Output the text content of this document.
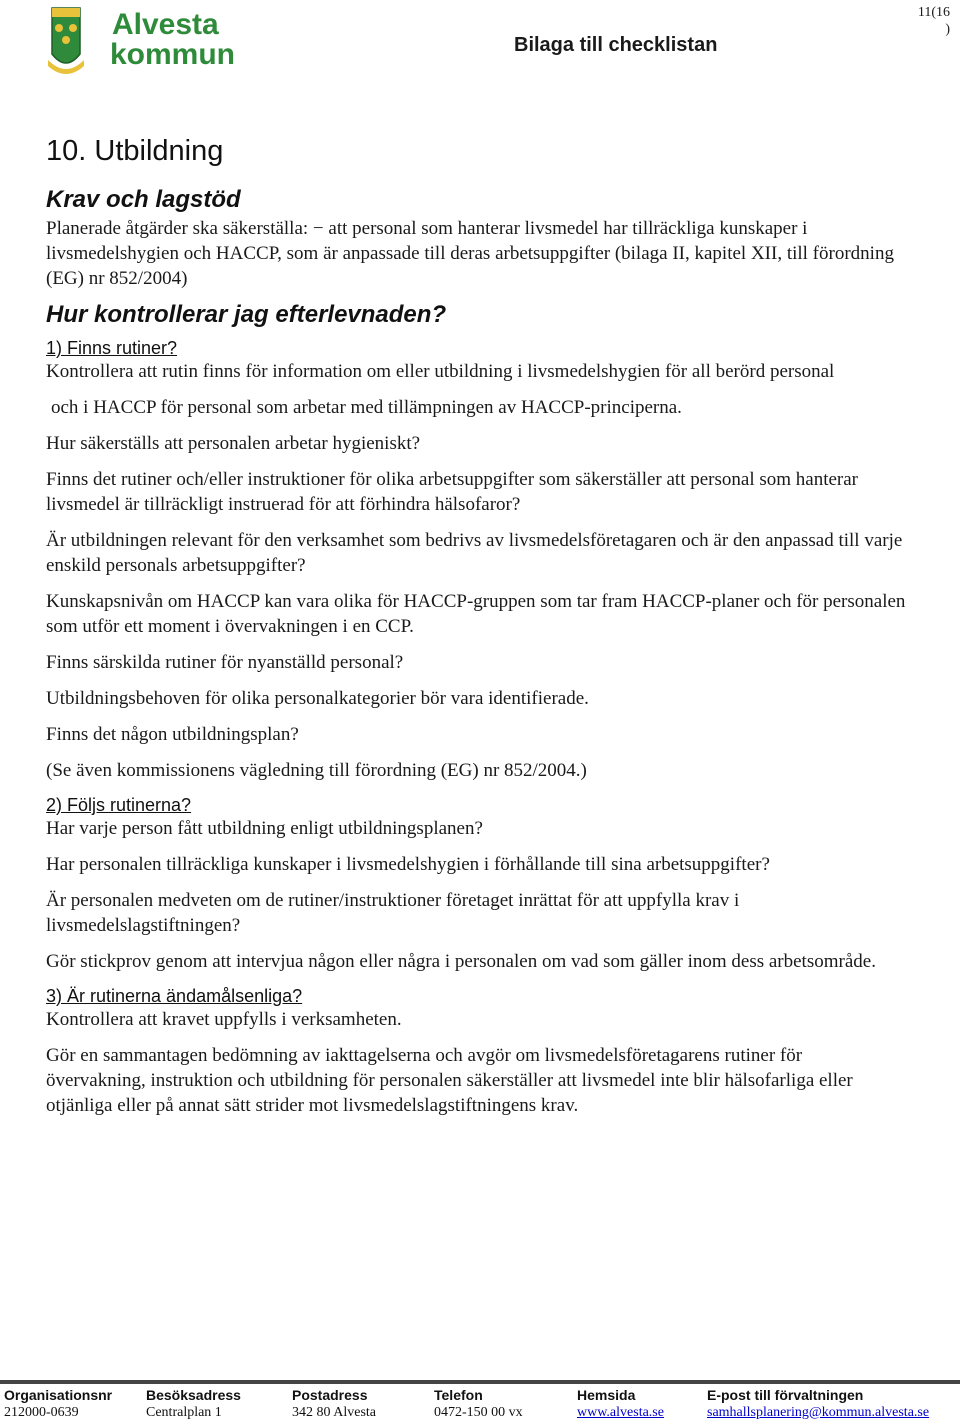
Alvesta
kommun	Bilaga till checklistan
11(16
)
10. Utbildning
Krav och lagstöd

Planerade åtgärder ska säkerställa: − att personal som hanterar livsmedel har tillräckliga kunskaper i livsmedelshygien och HACCP, som är anpassade till deras arbetsuppgifter (bilaga II, kapitel XII, till förordning (EG) nr 852/2004)

Hur kontrollerar jag efterlevnaden?
1) Finns rutiner?

Kontrollera att rutin finns för information om eller utbildning i livsmedelshygien för all berörd personal

och i HACCP för personal som arbetar med tillämpningen av HACCP-principerna.

Hur säkerställs att personalen arbetar hygieniskt?

Finns det rutiner och/eller instruktioner för olika arbetsuppgifter som säkerställer att personal som hanterar livsmedel är tillräckligt instruerad för att förhindra hälsofaror?

Är utbildningen relevant för den verksamhet som bedrivs av livsmedelsföretagaren och är den anpassad till varje enskild personals arbetsuppgifter?

Kunskapsnivån om HACCP kan vara olika för HACCP-gruppen som tar fram HACCP-planer och för personalen som utför ett moment i övervakningen i en CCP.

Finns särskilda rutiner för nyanställd personal?

Utbildningsbehoven för olika personalkategorier bör vara identifierade.

Finns det någon utbildningsplan?

(Se även kommissionens vägledning till förordning (EG) nr 852/2004.)

2) Följs rutinerna?

Har varje person fått utbildning enligt utbildningsplanen?

Har personalen tillräckliga kunskaper i livsmedelshygien i förhållande till sina arbetsuppgifter?

Är personalen medveten om de rutiner/instruktioner företaget inrättat för att uppfylla krav i livsmedelslagstiftningen?

Gör stickprov genom att intervjua någon eller några i personalen om vad som gäller inom dess arbetsområde.

3) Är rutinerna ändamålsenliga?

Kontrollera att kravet uppfylls i verksamheten.

Gör en sammantagen bedömning av iakttagelserna och avgör om livsmedelsföretagarens rutiner för övervakning, instruktion och utbildning för personalen säkerställer att livsmedel inte blir hälsofarliga eller otjänliga eller på annat sätt strider mot livsmedelslagstiftningens krav.

Organisationsnr
212000-0639
Besöksadress
Centralplan 1
Postadress
342 80 Alvesta
Telefon
0472-150 00 vx
Hemsida
www.alvesta.se
E-post till förvaltningen
samhallsplanering@kommun.alvesta.se
